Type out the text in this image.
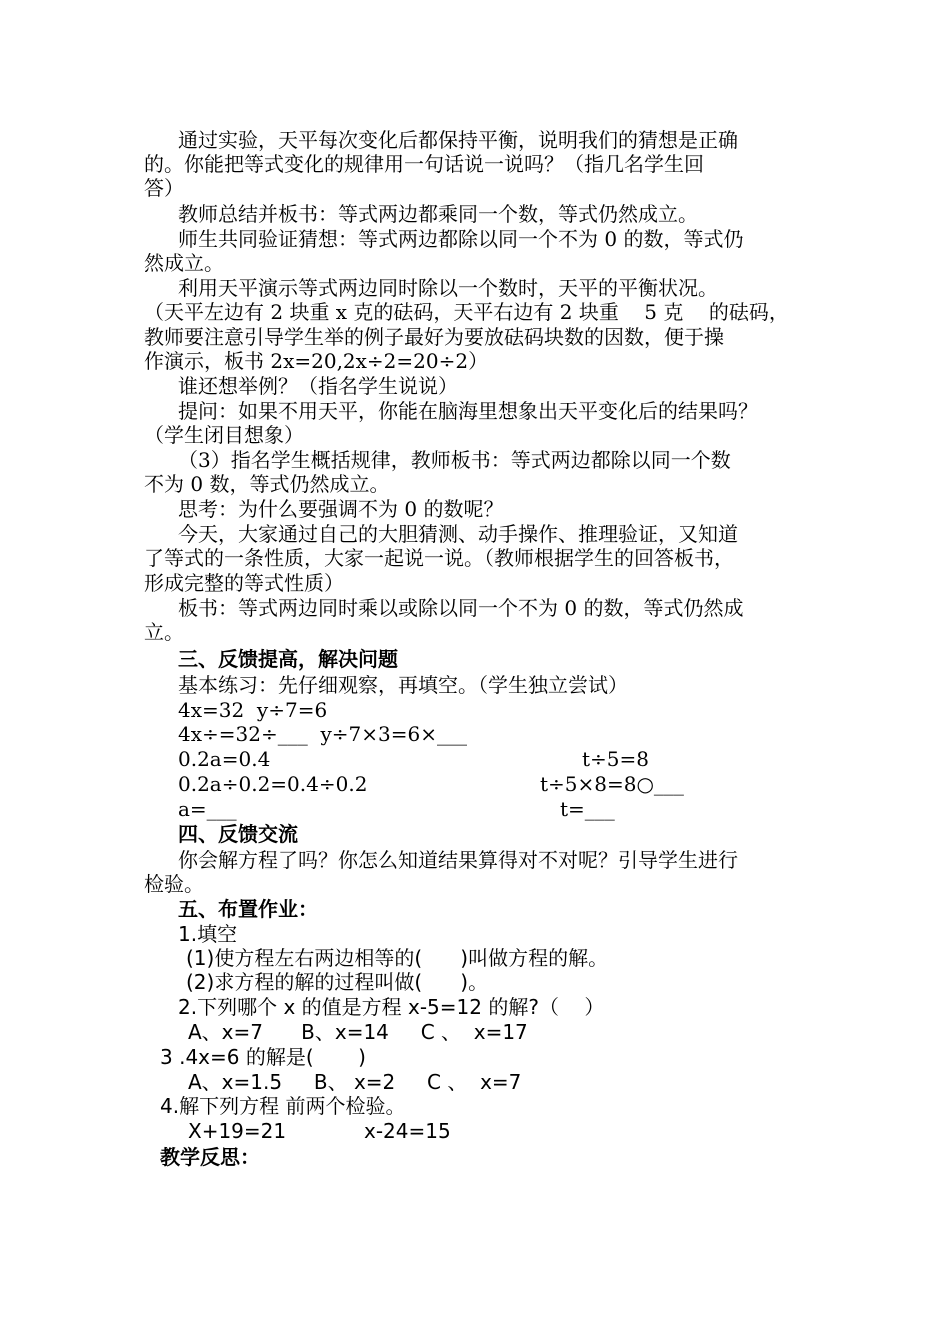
通过实验，天平每次变化后都保持平衡，说明我们的猜想是正确
的。你能把等式变化的规律用一句话说一说吗？（指几名学生回
答）
教师总结并板书：等式两边都乘同一个数，等式仍然成立。
师生共同验证猜想：等式两边都除以同一个不为 0 的数，等式仍
然成立。
利用天平演示等式两边同时除以一个数时，天平的平衡状况。
（天平左边有 2 块重 x 克的砝码，天平右边有 2 块重    5 克    的砝码，
教师要注意引导学生举的例子最好为要放砝码块数的因数，便于操
作演示，板书 2x=20,2x÷2=20÷2）
谁还想举例？（指名学生说说）
提问：如果不用天平，你能在脑海里想象出天平变化后的结果吗？
（学生闭目想象）
（3）指名学生概括规律，教师板书：等式两边都除以同一个数
不为 0 数，等式仍然成立。
思考：为什么要强调不为 0 的数呢？
今天，大家通过自己的大胆猜测、动手操作、推理验证，又知道
了等式的一条性质，大家一起说一说。（教师根据学生的回答板书，
形成完整的等式性质）
板书：等式两边同时乘以或除以同一个不为 0 的数，等式仍然成
立。
三、反馈提高，解决问题
基本练习：先仔细观察，再填空。（学生独立尝试）
4x=32  y÷7=6
4x÷=32÷___  y÷7×3=6×___
0.2a=0.4	t÷5=8
0.2a÷0.2=0.4÷0.2	t÷5×8=8○___
a=___	t=___
四、反馈交流
你会解方程了吗？你怎么知道结果算得对不对呢？引导学生进行
检验。
五、布置作业：
1.填空
(1)使方程左右两边相等的(      )叫做方程的解。
(2)求方程的解的过程叫做(      )。
2.下列哪个 x 的值是方程 x-5=12 的解?（    ）
A、x=7      B、x=14     C 、  x=17
3 .4x=6 的解是(       )
A、x=1.5     B、 x=2     C 、  x=7
4.解下列方程 前两个检验。
X+19=21	x-24=15
教学反思：
